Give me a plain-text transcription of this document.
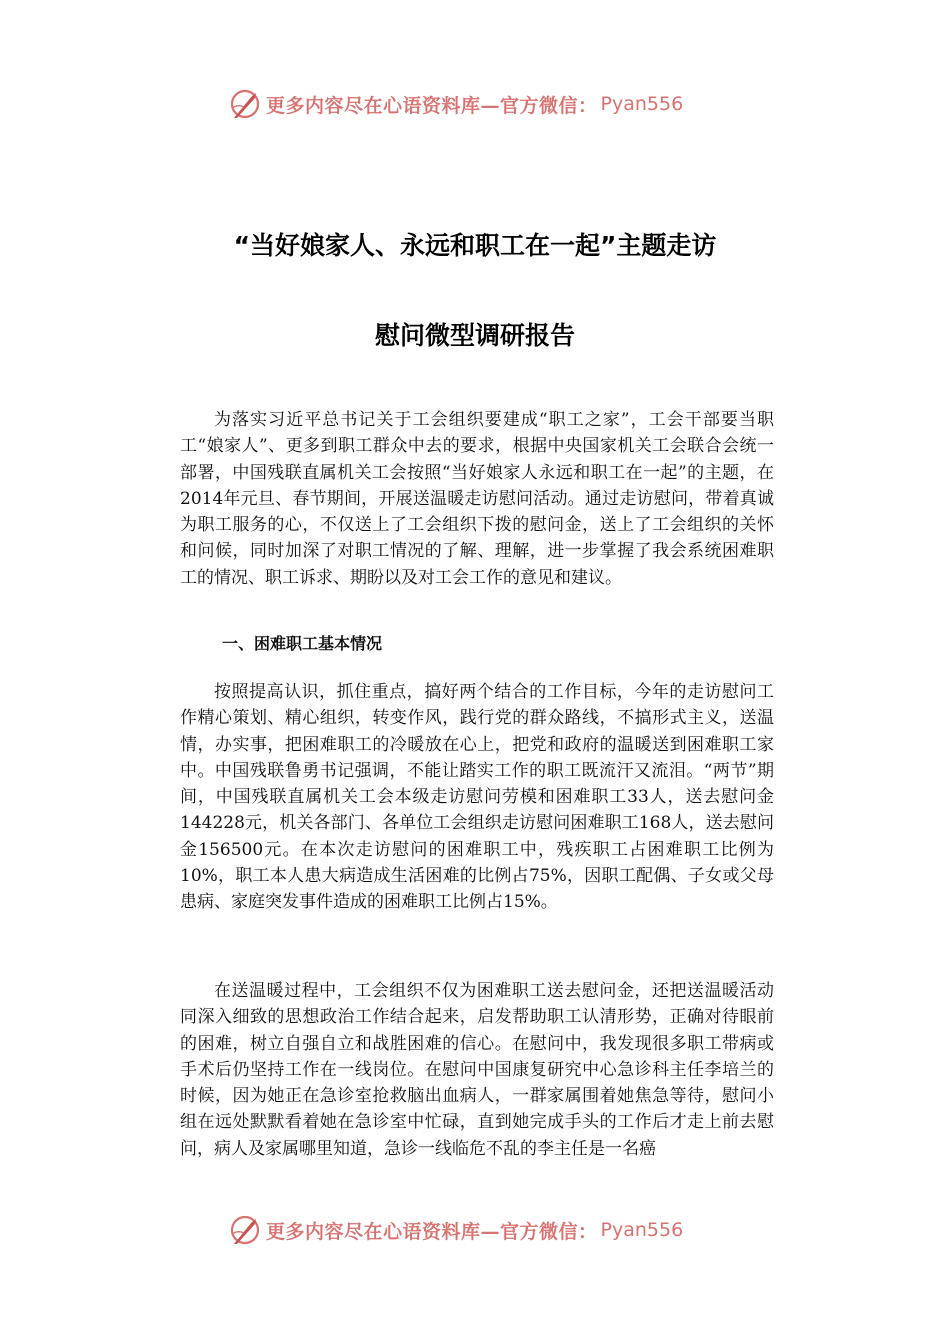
更多内容尽在心语资料库—官方微信： Pyan556
“当好娘家人、永远和职工在一起”主题走访
慰问微型调研报告

为落实习近平总书记关于工会组织要建成“职工之家”，工会干部要当职工“娘家人”、更多到职工群众中去的要求，根据中央国家机关工会联合会统一部署，中国残联直属机关工会按照“当好娘家人永远和职工在一起”的主题，在2014年元旦、春节期间，开展送温暖走访慰问活动。通过走访慰问，带着真诚为职工服务的心，不仅送上了工会组织下拨的慰问金，送上了工会组织的关怀和问候，同时加深了对职工情况的了解、理解，进一步掌握了我会系统困难职工的情况、职工诉求、期盼以及对工会工作的意见和建议。

一、困难职工基本情况

按照提高认识，抓住重点，搞好两个结合的工作目标，今年的走访慰问工作精心策划、精心组织，转变作风，践行党的群众路线，不搞形式主义，送温情，办实事，把困难职工的冷暖放在心上，把党和政府的温暖送到困难职工家中。中国残联鲁勇书记强调，不能让踏实工作的职工既流汗又流泪。“两节”期间，中国残联直属机关工会本级走访慰问劳模和困难职工33人，送去慰问金144228元，机关各部门、各单位工会组织走访慰问困难职工168人，送去慰问金156500元。在本次走访慰问的困难职工中，残疾职工占困难职工比例为10%，职工本人患大病造成生活困难的比例占75%，因职工配偶、子女或父母患病、家庭突发事件造成的困难职工比例占15%。

在送温暖过程中，工会组织不仅为困难职工送去慰问金，还把送温暖活动同深入细致的思想政治工作结合起来，启发帮助职工认清形势，正确对待眼前的困难，树立自强自立和战胜困难的信心。在慰问中，我发现很多职工带病或手术后仍坚持工作在一线岗位。在慰问中国康复研究中心急诊科主任李培兰的时候，因为她正在急诊室抢救脑出血病人，一群家属围着她焦急等待，慰问小组在远处默默看着她在急诊室中忙碌，直到她完成手头的工作后才走上前去慰问，病人及家属哪里知道，急诊一线临危不乱的李主任是一名癌

更多内容尽在心语资料库—官方微信： Pyan556
